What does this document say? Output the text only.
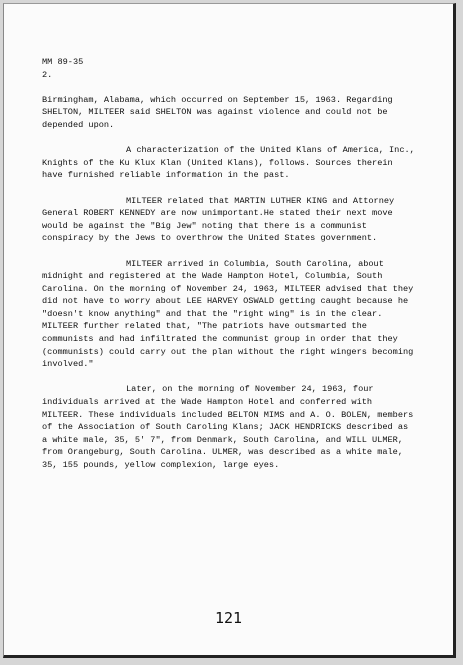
MM 89-35

2.

Birmingham, Alabama, which occurred on September 15, 1963. Regarding SHELTON, MILTEER said SHELTON was against violence and could not be depended upon.

A characterization of the United Klans of America, Inc., Knights of the Ku Klux Klan (United Klans), follows. Sources therein have furnished reliable information in the past.

MILTEER related that MARTIN LUTHER KING and Attorney General ROBERT KENNEDY are now unimportant.He stated their next move would be against the "Big Jew" noting that there is a communist conspiracy by the Jews to overthrow the United States government.

MILTEER arrived in Columbia, South Carolina, about midnight and registered at the Wade Hampton Hotel, Columbia, South Carolina. On the morning of November 24, 1963, MILTEER advised that they did not have to worry about LEE HARVEY OSWALD getting caught because he "doesn't know anything" and that the "right wing" is in the clear. MILTEER further related that, "The patriots have outsmarted the communists and had infiltrated the communist group in order that they (communists) could carry out the plan without the right wingers becoming involved."

Later, on the morning of November 24, 1963, four individuals arrived at the Wade Hampton Hotel and conferred with MILTEER. These individuals included BELTON MIMS and A. O. BOLEN, members of the Association of South Caroling Klans; JACK HENDRICKS described as a white male, 35, 5' 7", from Denmark, South Carolina, and WILL ULMER, from Orangeburg, South Carolina. ULMER, was described as a white male, 35, 155 pounds, yellow complexion, large eyes.

121
